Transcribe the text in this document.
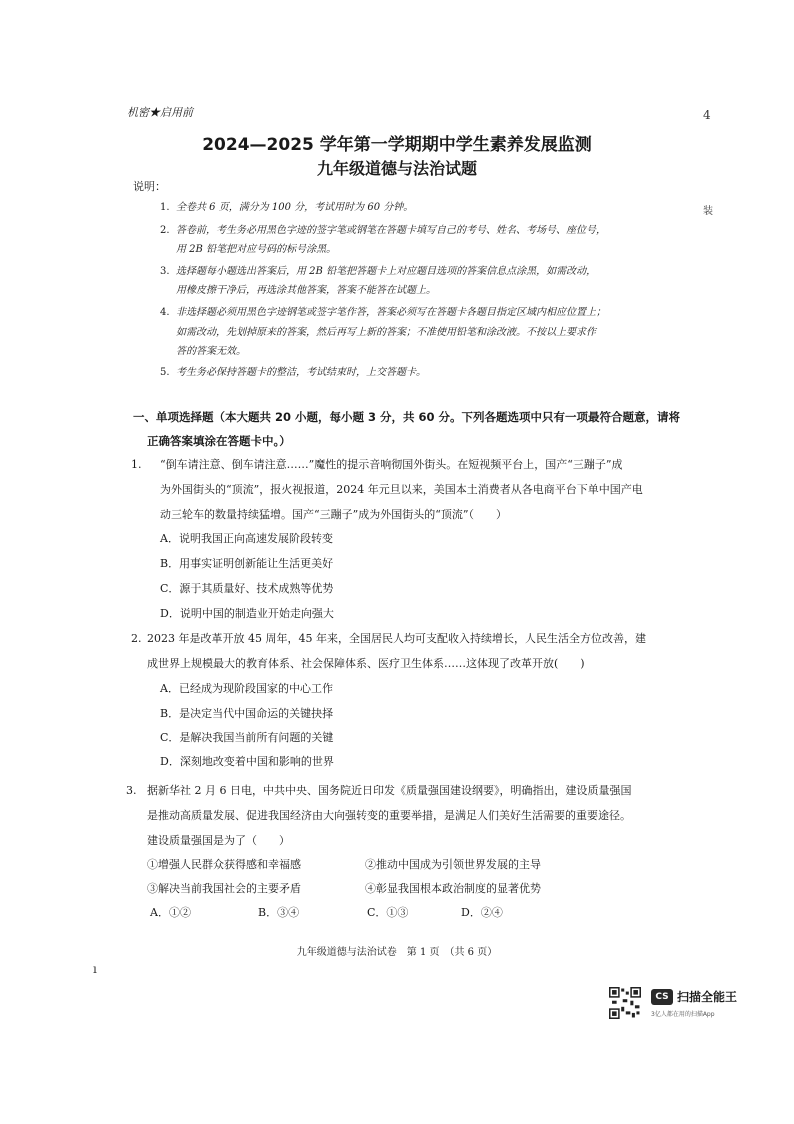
机密★启用前
2024—2025 学年第一学期期中学生素养发展监测
九年级道德与法治试题
4
装
ı
说明：
1. 全卷共 6 页，满分为 100 分，考试用时为 60 分钟。
2. 答卷前，考生务必用黑色字迹的签字笔或钢笔在答题卡填写自己的考号、姓名、考场号、座位号，
用 2B 铅笔把对应号码的标号涂黑。
3. 选择题每小题选出答案后，用 2B 铅笔把答题卡上对应题目选项的答案信息点涂黑，如需改动，
用橡皮擦干净后，再选涂其他答案，答案不能答在试题上。
4. 非选择题必须用黑色字迹钢笔或签字笔作答，答案必须写在答题卡各题目指定区域内相应位置上；
如需改动，先划掉原来的答案，然后再写上新的答案；不准使用铅笔和涂改液。不按以上要求作
答的答案无效。
5. 考生务必保持答题卡的整洁，考试结束时，上交答题卡。
一、单项选择题（本大题共 20 小题，每小题 3 分，共 60 分。下列各题选项中只有一项最符合题意，请将
正确答案填涂在答题卡中。）
1. “倒车请注意、倒车请注意……”魔性的提示音响彻国外街头。在短视频平台上，国产“三蹦子”成
为外国街头的“顶流”，报火视报道，2024 年元旦以来，美国本土消费者从各电商平台下单中国产电
动三轮车的数量持续猛增。国产“三蹦子”成为外国街头的“顶流”（　　）
A．说明我国正向高速发展阶段转变
B．用事实证明创新能让生活更美好
C．源于其质量好、技术成熟等优势
D．说明中国的制造业开始走向强大
2. 2023 年是改革开放 45 周年，45 年来，全国居民人均可支配收入持续增长，人民生活全方位改善，建
成世界上规模最大的教育体系、社会保障体系、医疗卫生体系……这体现了改革开放(　　)
A．已经成为现阶段国家的中心工作
B．是决定当代中国命运的关键抉择
C．是解决我国当前所有问题的关键
D．深刻地改变着中国和影响的世界
3. 据新华社 2 月 6 日电，中共中央、国务院近日印发《质量强国建设纲要》，明确指出，建设质量强国
是推动高质量发展、促进我国经济由大向强转变的重要举措，是满足人们美好生活需要的重要途径。
建设质量强国是为了（　　）
①增强人民群众获得感和幸福感	②推动中国成为引领世界发展的主导
③解决当前我国社会的主要矛盾	④彰显我国根本政治制度的显著优势
A．①②	B．③④	C．①③	D．②④
九年级道德与法治试卷　第 1 页　（共 6 页）
CS 扫描全能王
3亿人都在用的扫描App
